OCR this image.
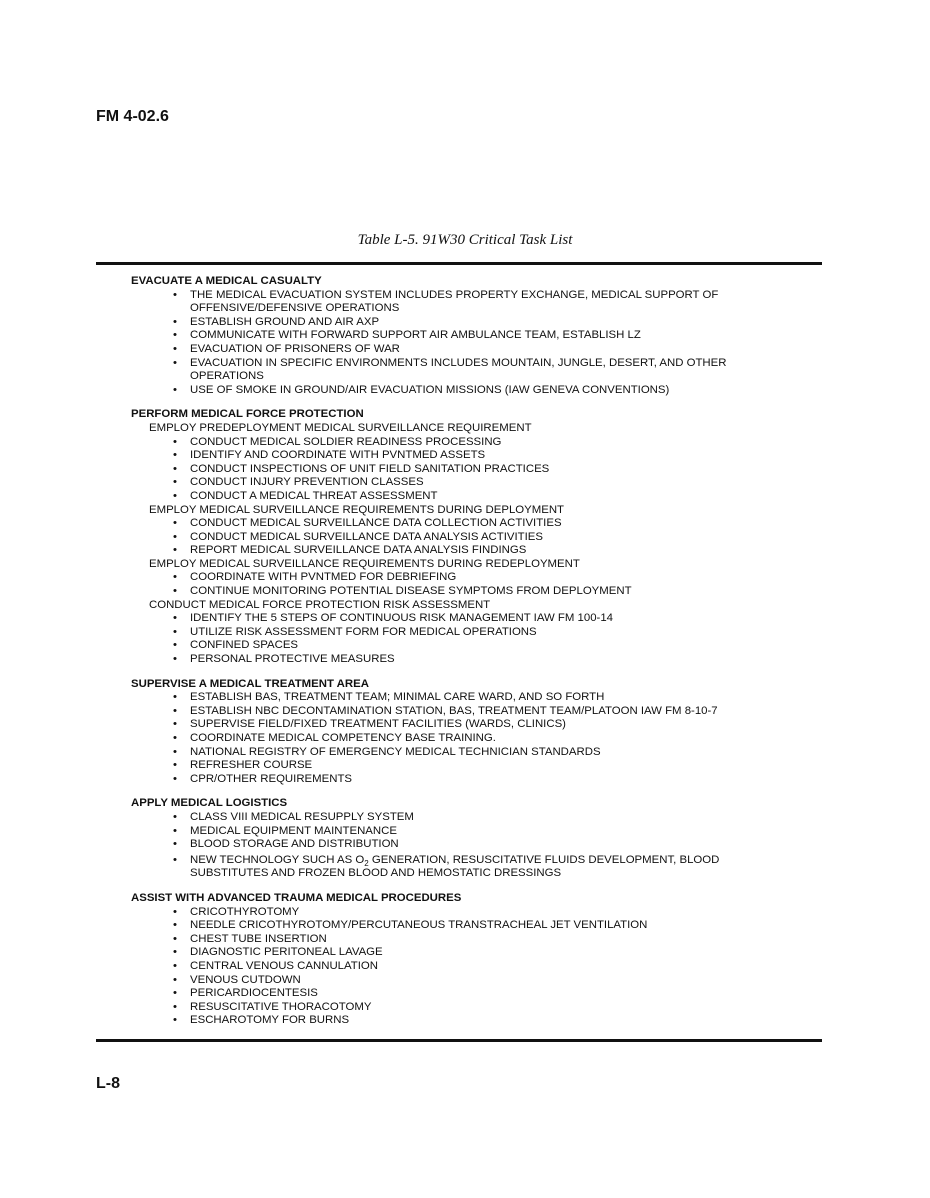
FM 4-02.6
Table L-5. 91W30 Critical Task List
EVACUATE A MEDICAL CASUALTY
• THE MEDICAL EVACUATION SYSTEM INCLUDES PROPERTY EXCHANGE, MEDICAL SUPPORT OF OFFENSIVE/DEFENSIVE OPERATIONS
• ESTABLISH GROUND AND AIR AXP
• COMMUNICATE WITH FORWARD SUPPORT AIR AMBULANCE TEAM, ESTABLISH LZ
• EVACUATION OF PRISONERS OF WAR
• EVACUATION IN SPECIFIC ENVIRONMENTS INCLUDES MOUNTAIN, JUNGLE, DESERT, AND OTHER OPERATIONS
• USE OF SMOKE IN GROUND/AIR EVACUATION MISSIONS (IAW GENEVA CONVENTIONS)
PERFORM MEDICAL FORCE PROTECTION
EMPLOY PREDEPLOYMENT MEDICAL SURVEILLANCE REQUIREMENT
• CONDUCT MEDICAL SOLDIER READINESS PROCESSING
• IDENTIFY AND COORDINATE WITH PVNTMED ASSETS
• CONDUCT INSPECTIONS OF UNIT FIELD SANITATION PRACTICES
• CONDUCT INJURY PREVENTION CLASSES
• CONDUCT A MEDICAL THREAT ASSESSMENT
EMPLOY MEDICAL SURVEILLANCE REQUIREMENTS DURING DEPLOYMENT
• CONDUCT MEDICAL SURVEILLANCE DATA COLLECTION ACTIVITIES
• CONDUCT MEDICAL SURVEILLANCE DATA ANALYSIS ACTIVITIES
• REPORT MEDICAL SURVEILLANCE DATA ANALYSIS FINDINGS
EMPLOY MEDICAL SURVEILLANCE REQUIREMENTS DURING REDEPLOYMENT
• COORDINATE WITH PVNTMED FOR DEBRIEFING
• CONTINUE MONITORING POTENTIAL DISEASE SYMPTOMS FROM DEPLOYMENT
CONDUCT MEDICAL FORCE PROTECTION RISK ASSESSMENT
• IDENTIFY THE 5 STEPS OF CONTINUOUS RISK MANAGEMENT IAW FM 100-14
• UTILIZE RISK ASSESSMENT FORM FOR MEDICAL OPERATIONS
• CONFINED SPACES
• PERSONAL PROTECTIVE MEASURES
SUPERVISE A MEDICAL TREATMENT AREA
• ESTABLISH BAS, TREATMENT TEAM; MINIMAL CARE WARD, AND SO FORTH
• ESTABLISH NBC DECONTAMINATION STATION, BAS, TREATMENT TEAM/PLATOON IAW FM 8-10-7
• SUPERVISE FIELD/FIXED TREATMENT FACILITIES (WARDS, CLINICS)
• COORDINATE MEDICAL COMPETENCY BASE TRAINING.
• NATIONAL REGISTRY OF EMERGENCY MEDICAL TECHNICIAN STANDARDS
• REFRESHER COURSE
• CPR/OTHER REQUIREMENTS
APPLY MEDICAL LOGISTICS
• CLASS VIII MEDICAL RESUPPLY SYSTEM
• MEDICAL EQUIPMENT MAINTENANCE
• BLOOD STORAGE AND DISTRIBUTION
• NEW TECHNOLOGY SUCH AS $O_2$ GENERATION, RESUSCITATIVE FLUIDS DEVELOPMENT, BLOOD SUBSTITUTES AND FROZEN BLOOD AND HEMOSTATIC DRESSINGS
ASSIST WITH ADVANCED TRAUMA MEDICAL PROCEDURES
• CRICOTHYROTOMY
• NEEDLE CRICOTHYROTOMY/PERCUTANEOUS TRANSTRACHEAL JET VENTILATION
• CHEST TUBE INSERTION
• DIAGNOSTIC PERITONEAL LAVAGE
• CENTRAL VENOUS CANNULATION
• VENOUS CUTDOWN
• PERICARDIOCENTESIS
• RESUSCITATIVE THORACOTOMY
• ESCHAROTOMY FOR BURNS
L-8
